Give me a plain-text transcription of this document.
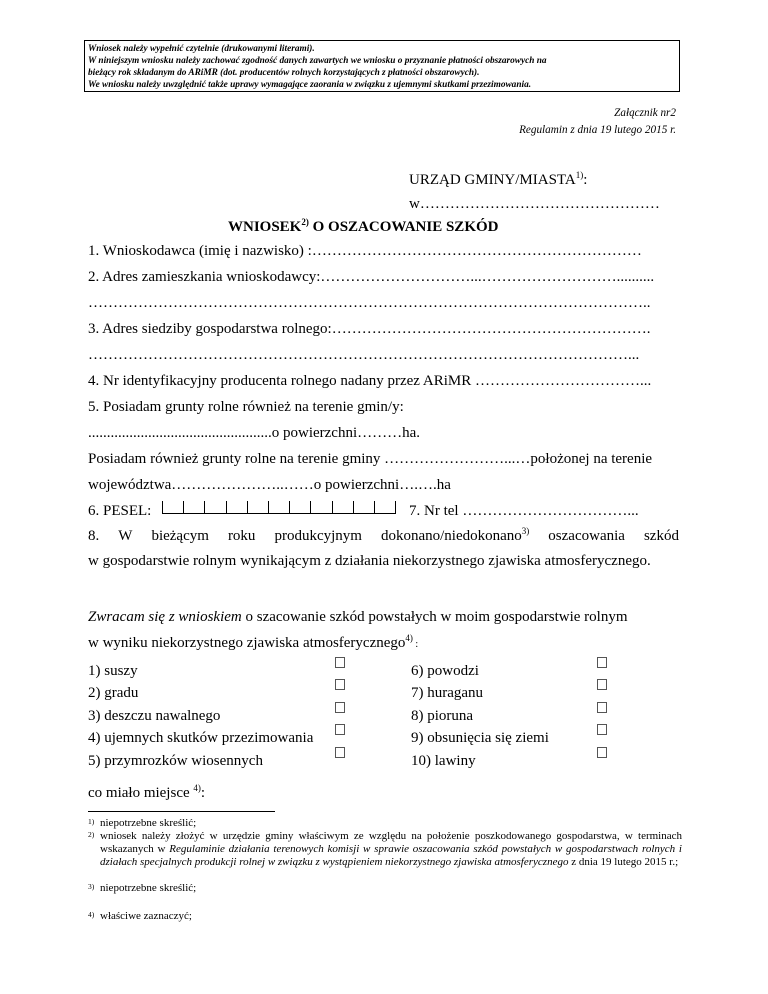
Wniosek należy wypełnić czytelnie (drukowanymi literami).
W niniejszym wniosku należy zachować zgodność danych zawartych we wniosku o przyznanie płatności obszarowych na
bieżący rok składanym do ARiMR (dot. producentów rolnych korzystających z płatności obszarowych).
We wniosku należy uwzględnić także uprawy wymagające zaorania w związku z ujemnymi skutkami przezimowania.
Załącznik nr2
Regulamin z dnia 19 lutego 2015 r.
URZĄD GMINY/MIASTA$^{1)}$:
w…………………………………………
WNIOSEK$^{2)}$ O OSZACOWANIE SZKÓD
1. Wnioskodawca (imię i nazwisko) :…………………………………………………………
2. Adres zamieszkania wnioskodawcy:…………………………...………………………..........
…………………………………………………………………………………………………..
3. Adres siedziby gospodarstwa rolnego:……………………………………………………….
………………………………………………………………………………………………...
4. Nr identyfikacyjny producenta rolnego nadany przez ARiMR ……………………………...
5. Posiadam grunty rolne również na terenie gmin/y:
.................................................o powierzchni………ha.
Posiadam również grunty rolne na terenie gminy ……………………...…położonej na terenie
województwa…………………..……o powierzchni….….ha
6. PESEL:	7. Nr tel ……………………………...
8. W bieżącym roku produkcyjnym dokonano/niedokonano$^{3)}$ oszacowania szkód
w gospodarstwie rolnym wynikającym z działania niekorzystnego zjawiska atmosferycznego.
Zwracam się z wnioskiem o szacowanie szkód powstałych w moim gospodarstwie rolnym
w wyniku niekorzystnego zjawiska atmosferycznego$^{4)}$ :
1) suszy
2) gradu
3) deszczu nawalnego
4) ujemnych skutków przezimowania
5) przymrozków wiosennych
6) powodzi
7) huraganu
8) pioruna
9) obsunięcia się ziemi
10) lawiny
co miało miejsce $^{4)}$:
1) niepotrzebne skreślić;
2) wniosek należy złożyć w urzędzie gminy właściwym ze względu na położenie poszkodowanego gospodarstwa, w terminach wskazanych w Regulaminie działania terenowych komisji w sprawie oszacowania szkód powstałych w gospodarstwach rolnych i działach specjalnych produkcji rolnej w związku z wystąpieniem niekorzystnego zjawiska atmosferycznego z dnia 19 lutego 2015 r.;
3) niepotrzebne skreślić;
4) właściwe zaznaczyć;
